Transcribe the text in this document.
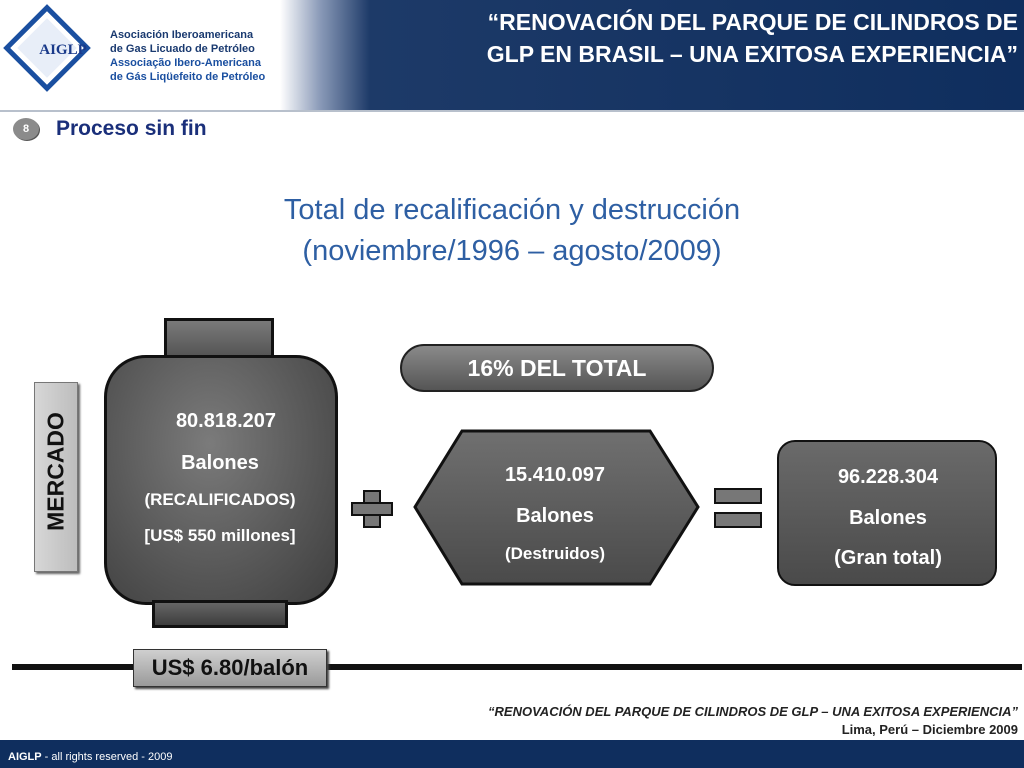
AIGLP
Asociación Iberoamericana
de Gas Licuado de Petróleo
Associação Ibero-Americana
de Gás Liqüefeito de Petróleo
“RENOVACIÓN DEL PARQUE DE CILINDROS DE
GLP EN BRASIL – UNA EXITOSA EXPERIENCIA”
8	Proceso sin fin
Total de recalificación y destrucción
(noviembre/1996 – agosto/2009)
MERCADO	80.818.207
Balones
(RECALIFICADOS)
[US$ 550 millones]
16% DEL TOTAL
15.410.097
Balones
(Destruidos)
96.228.304
Balones
(Gran total)
US$ 6.80/balón
“RENOVACIÓN DEL PARQUE DE CILINDROS DE GLP – UNA EXITOSA EXPERIENCIA”
Lima, Perú – Diciembre 2009
AIGLP - all rights reserved - 2009
